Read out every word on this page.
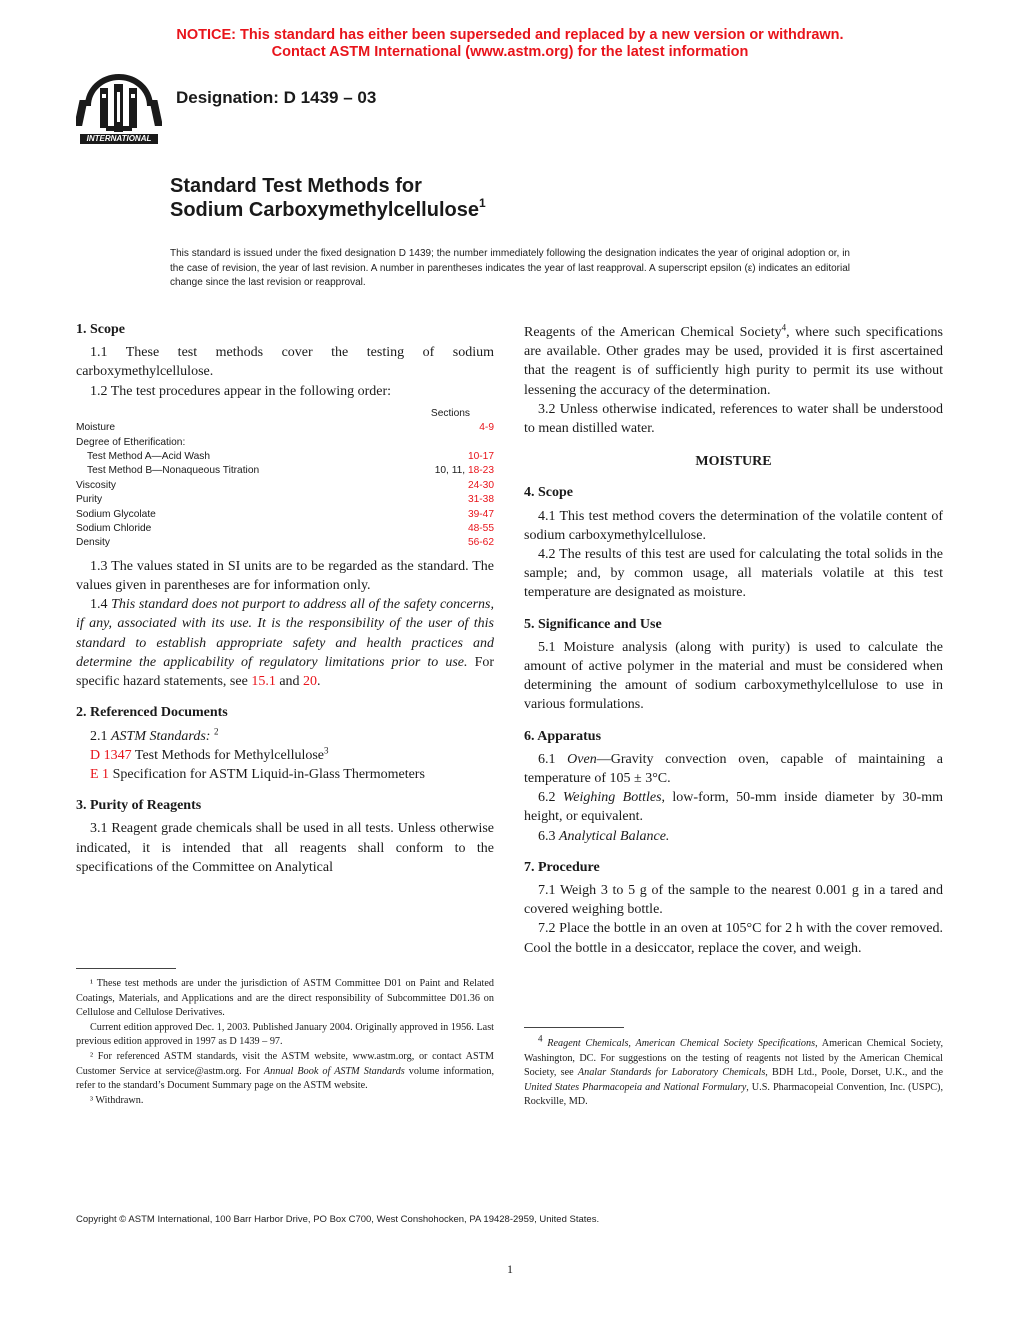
NOTICE: This standard has either been superseded and replaced by a new version or withdrawn.
Contact ASTM International (www.astm.org) for the latest information
INTERNATIONAL
Designation: D 1439 – 03
Standard Test Methods for
Sodium Carboxymethylcellulose$^1$
This standard is issued under the fixed designation D 1439; the number immediately following the designation indicates the year of original adoption or, in the case of revision, the year of last revision. A number in parentheses indicates the year of last reapproval. A superscript epsilon (ε) indicates an editorial change since the last revision or reapproval.

1. Scope

1.1 These test methods cover the testing of sodium carboxymethylcellulose.

1.2 The test procedures appear in the following order:

	Sections
Moisture	4-9
Degree of Etherification:	
Test Method A—Acid Wash	10-17
Test Method B—Nonaqueous Titration	10, 11, 18-23
Viscosity	24-30
Purity	31-38
Sodium Glycolate	39-47
Sodium Chloride	48-55
Density	56-62

1.3 The values stated in SI units are to be regarded as the standard. The values given in parentheses are for information only.

1.4 This standard does not purport to address all of the safety concerns, if any, associated with its use. It is the responsibility of the user of this standard to establish appropriate safety and health practices and determine the applicability of regulatory limitations prior to use. For specific hazard statements, see 15.1 and 20.

2. Referenced Documents

2.1 ASTM Standards: $^2$

D 1347 Test Methods for Methylcellulose$^3$

E 1 Specification for ASTM Liquid-in-Glass Thermometers

3. Purity of Reagents

3.1 Reagent grade chemicals shall be used in all tests. Unless otherwise indicated, it is intended that all reagents shall conform to the specifications of the Committee on Analytical

¹ These test methods are under the jurisdiction of ASTM Committee D01 on Paint and Related Coatings, Materials, and Applications and are the direct responsibility of Subcommittee D01.36 on Cellulose and Cellulose Derivatives.

Current edition approved Dec. 1, 2003. Published January 2004. Originally approved in 1956. Last previous edition approved in 1997 as D 1439 – 97.

² For referenced ASTM standards, visit the ASTM website, www.astm.org, or contact ASTM Customer Service at service@astm.org. For Annual Book of ASTM Standards volume information, refer to the standard’s Document Summary page on the ASTM website.

³ Withdrawn.

Reagents of the American Chemical Society$^4$, where such specifications are available. Other grades may be used, provided it is first ascertained that the reagent is of sufficiently high purity to permit its use without lessening the accuracy of the determination.

3.2 Unless otherwise indicated, references to water shall be understood to mean distilled water.

MOISTURE

4. Scope

4.1 This test method covers the determination of the volatile content of sodium carboxymethylcellulose.

4.2 The results of this test are used for calculating the total solids in the sample; and, by common usage, all materials volatile at this test temperature are designated as moisture.

5. Significance and Use

5.1 Moisture analysis (along with purity) is used to calculate the amount of active polymer in the material and must be considered when determining the amount of sodium carboxymethylcellulose to use in various formulations.

6. Apparatus

6.1 Oven—Gravity convection oven, capable of maintaining a temperature of 105 ± 3°C.

6.2 Weighing Bottles, low-form, 50-mm inside diameter by 30-mm height, or equivalent.

6.3 Analytical Balance.

7. Procedure

7.1 Weigh 3 to 5 g of the sample to the nearest 0.001 g in a tared and covered weighing bottle.

7.2 Place the bottle in an oven at 105°C for 2 h with the cover removed. Cool the bottle in a desiccator, replace the cover, and weigh.

$^4$ Reagent Chemicals, American Chemical Society Specifications, American Chemical Society, Washington, DC. For suggestions on the testing of reagents not listed by the American Chemical Society, see Analar Standards for Laboratory Chemicals, BDH Ltd., Poole, Dorset, U.K., and the United States Pharmacopeia and National Formulary, U.S. Pharmacopeial Convention, Inc. (USPC), Rockville, MD.

Copyright © ASTM International, 100 Barr Harbor Drive, PO Box C700, West Conshohocken, PA 19428-2959, United States.
1
